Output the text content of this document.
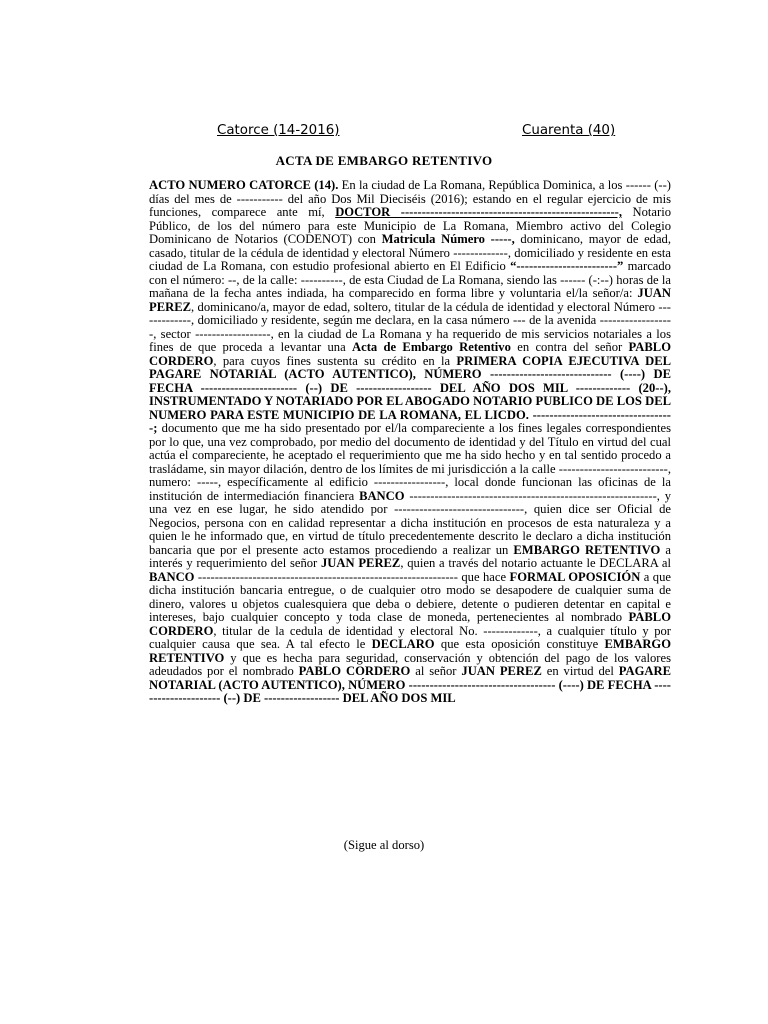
Catorce (14-2016)	Cuarenta (40)
ACTA DE EMBARGO RETENTIVO
ACTO NUMERO CATORCE (14). En la ciudad de La Romana, República Dominica, a los ------ (--) días del mes de ----------- del año Dos Mil Dieciséis (2016); estando en el regular ejercicio de mis funciones, comparece ante mí, DOCTOR ----------------------------------------------------, Notario Público, de los del número para este Municipio de La Romana, Miembro activo del Colegio Dominicano de Notarios (CODENOT) con Matricula Número -----, dominicano, mayor de edad, casado, titular de la cédula de identidad y electoral Número -------------, domiciliado y residente en esta ciudad de La Romana, con estudio profesional abierto en El Edificio “------------------------” marcado con el número: --, de la calle: ----------, de esta Ciudad de La Romana, siendo las ------ (-:--) horas de la mañana de la fecha antes indiada, ha comparecido en forma libre y voluntaria el/la señor/a: JUAN PEREZ, dominicano/a, mayor de edad, soltero, titular de la cédula de identidad y electoral Número -------------, domiciliado y residente, según me declara, en la casa número --- de la avenida ------------------, sector ------------------, en la ciudad de La Romana y ha requerido de mis servicios notariales a los fines de que proceda a levantar una Acta de Embargo Retentivo en contra del señor PABLO CORDERO, para cuyos fines sustenta su crédito en la PRIMERA COPIA EJECUTIVA DEL PAGARE NOTARIAL (ACTO AUTENTICO), NÚMERO ----------------------------- (----) DE FECHA ----------------------- (--) DE ------------------ DEL AÑO DOS MIL ------------- (20--), INSTRUMENTADO Y NOTARIADO POR EL ABOGADO NOTARIO PUBLICO DE LOS DEL NUMERO PARA ESTE MUNICIPIO DE LA ROMANA, EL LICDO. ----------------------------------; documento que me ha sido presentado por el/la compareciente a los fines legales correspondientes por lo que, una vez comprobado, por medio del documento de identidad y del Título en virtud del cual actúa el compareciente, he aceptado el requerimiento que me ha sido hecho y en tal sentido procedo a trasládame, sin mayor dilación, dentro de los límites de mi jurisdicción a la calle --------------------------, numero: -----, específicamente al edificio -----------------, local donde funcionan las oficinas de la institución de intermediación financiera BANCO -----------------------------------------------------------, y una vez en ese lugar, he sido atendido por -------------------------------, quien dice ser Oficial de Negocios, persona con en calidad representar a dicha institución en procesos de esta naturaleza y a quien le he informado que, en virtud de título precedentemente descrito le declaro a dicha institución bancaria que por el presente acto estamos procediendo a realizar un EMBARGO RETENTIVO a interés y requerimiento del señor JUAN PEREZ, quien a través del notario actuante le DECLARA al BANCO -------------------------------------------------------------- que hace FORMAL OPOSICIÓN a que dicha institución bancaria entregue, o de cualquier otro modo se desapodere de cualquier suma de dinero, valores u objetos cualesquiera que deba o debiere, detente o pudieren detentar en capital e intereses, bajo cualquier concepto y toda clase de moneda, pertenecientes al nombrado PABLO CORDERO, titular de la cedula de identidad y electoral No. -------------, a cualquier título y por cualquier causa que sea. A tal efecto le DECLARO que esta oposición constituye EMBARGO RETENTIVO y que es hecha para seguridad, conservación y obtención del pago de los valores adeudados por el nombrado PABLO CORDERO al señor JUAN PEREZ en virtud del PAGARE NOTARIAL (ACTO AUTENTICO), NÚMERO ----------------------------------- (----) DE FECHA --------------------- (--) DE ------------------ DEL AÑO DOS MIL
(Sigue al dorso)
